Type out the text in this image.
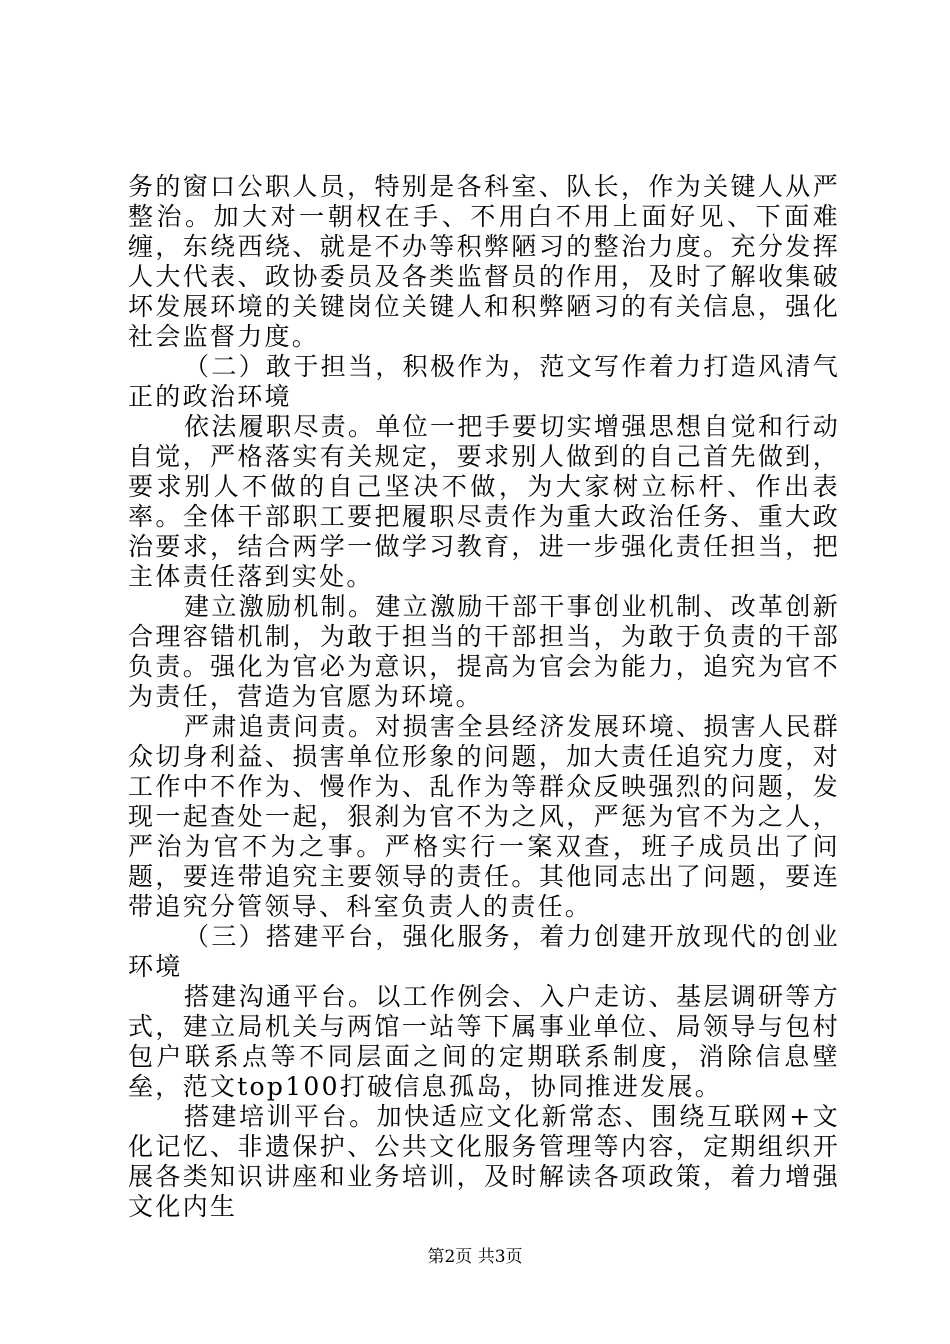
务的窗口公职人员，特别是各科室、队长，作为关键人从严整治。加大对一朝权在手、不用白不用上面好见、下面难缠，东绕西绕、就是不办等积弊陋习的整治力度。充分发挥人大代表、政协委员及各类监督员的作用，及时了解收集破坏发展环境的关键岗位关键人和积弊陋习的有关信息，强化社会监督力度。

（二）敢于担当，积极作为，范文写作着力打造风清气正的政治环境

依法履职尽责。单位一把手要切实增强思想自觉和行动自觉，严格落实有关规定，要求别人做到的自己首先做到，要求别人不做的自己坚决不做，为大家树立标杆、作出表率。全体干部职工要把履职尽责作为重大政治任务、重大政治要求，结合两学一做学习教育，进一步强化责任担当，把主体责任落到实处。

建立激励机制。建立激励干部干事创业机制、改革创新合理容错机制，为敢于担当的干部担当，为敢于负责的干部负责。强化为官必为意识，提高为官会为能力，追究为官不为责任，营造为官愿为环境。

严肃追责问责。对损害全县经济发展环境、损害人民群众切身利益、损害单位形象的问题，加大责任追究力度，对工作中不作为、慢作为、乱作为等群众反映强烈的问题，发现一起查处一起，狠刹为官不为之风，严惩为官不为之人，严治为官不为之事。严格实行一案双查，班子成员出了问题，要连带追究主要领导的责任。其他同志出了问题，要连带追究分管领导、科室负责人的责任。

（三）搭建平台，强化服务，着力创建开放现代的创业环境

搭建沟通平台。以工作例会、入户走访、基层调研等方式，建立局机关与两馆一站等下属事业单位、局领导与包村包户联系点等不同层面之间的定期联系制度，消除信息壁垒，范文top100打破信息孤岛，协同推进发展。

搭建培训平台。加快适应文化新常态、围绕互联网+文化记忆、非遗保护、公共文化服务管理等内容，定期组织开展各类知识讲座和业务培训，及时解读各项政策，着力增强文化内生

第2页 共3页
